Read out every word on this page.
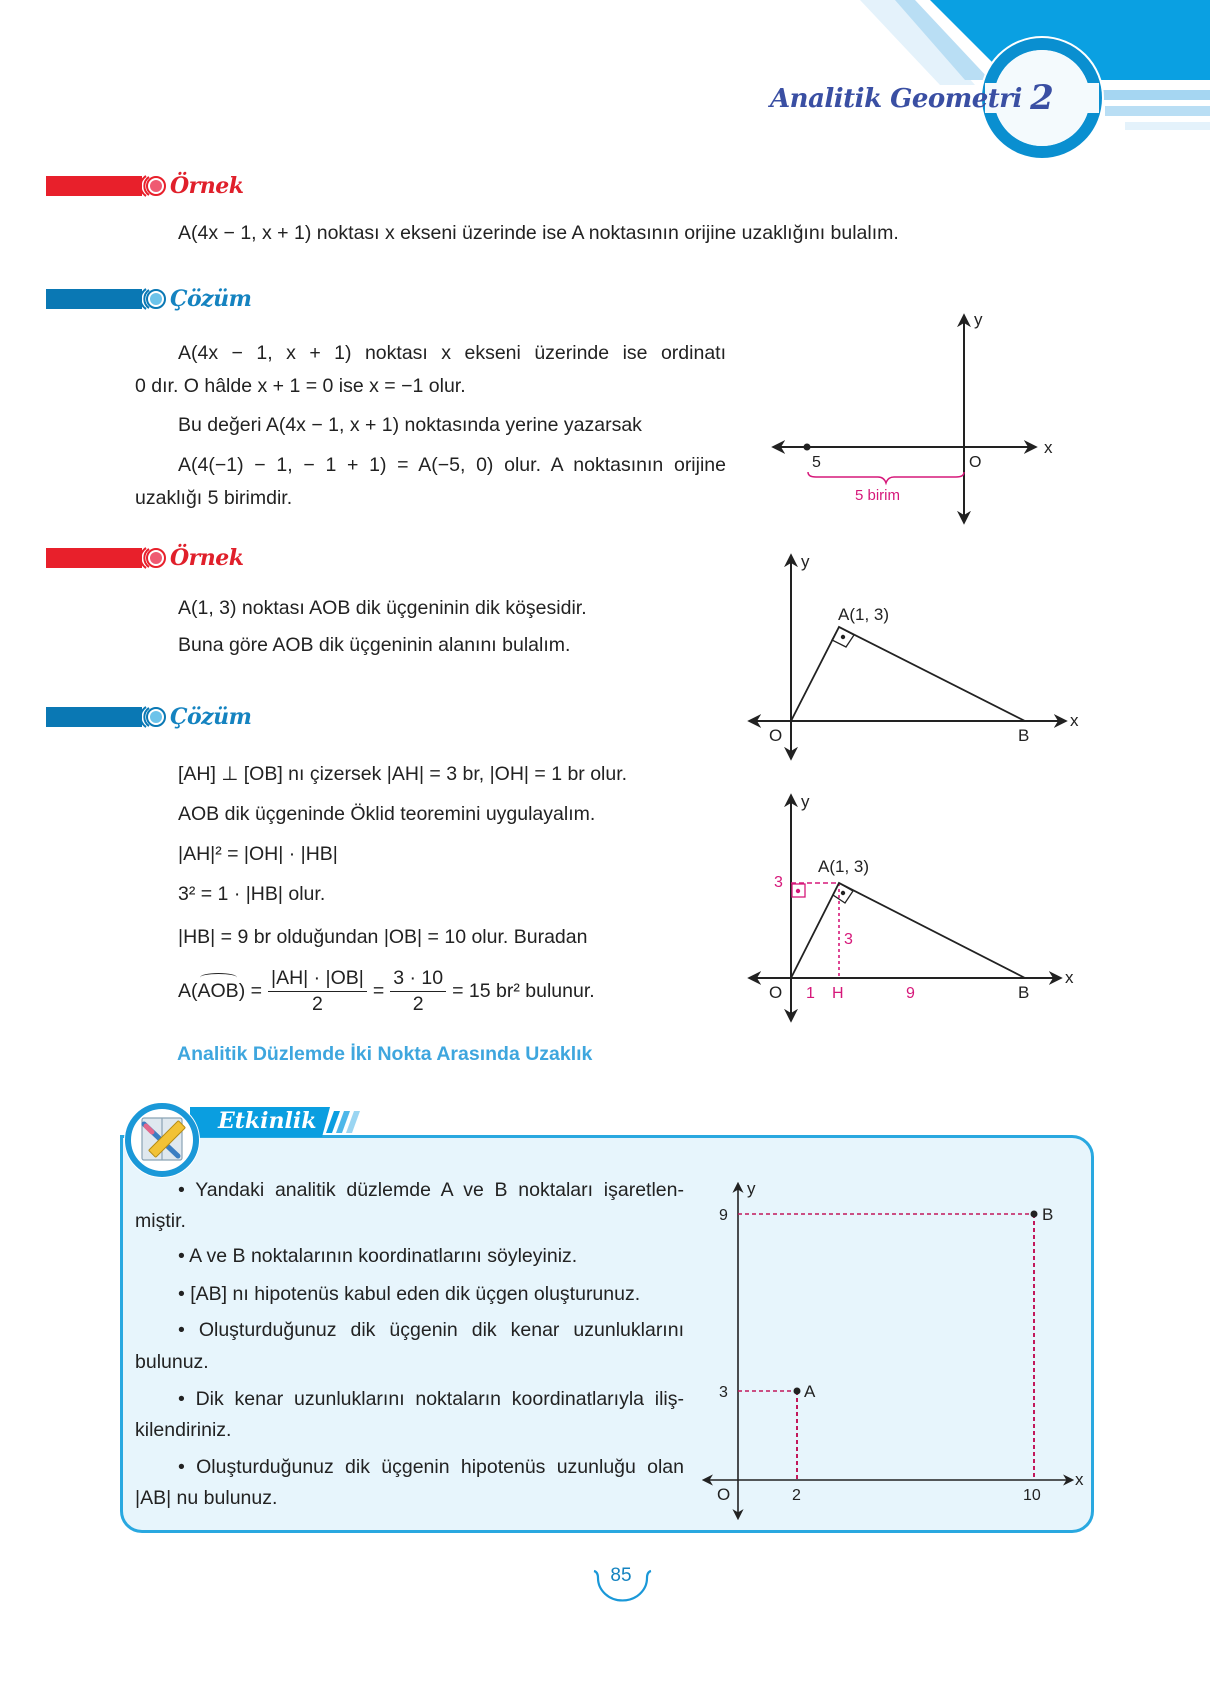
Analitik Geometri 2
Örnek
A(4x − 1, x + 1) noktası x ekseni üzerinde ise A noktasının orijine uzaklığını bulalım.
Çözüm
A(4x − 1, x + 1) noktası x ekseni üzerinde ise ordinatı
0 dır. O hâlde x + 1 = 0 ise x = −1 olur.
Bu değeri A(4x − 1, x + 1) noktasında yerine yazarsak
A(4(−1) − 1, − 1 + 1) = A(−5, 0) olur. A noktasının orijine
uzaklığı 5 birimdir.
x
y
5	O
5 birim
Örnek
A(1, 3) noktası AOB dik üçgeninin dik köşesidir.
Buna göre AOB dik üçgeninin alanını bulalım.
x
y
A(1, 3)
B
O
Çözüm
[AH] ⊥ [OB] nı çizersek |AH| = 3 br, |OH| = 1 br olur.
AOB dik üçgeninde Öklid teoremini uygulayalım.
|AH|² = |OH| · |HB|
3² = 1 · |HB| olur.
|HB| = 9 br olduğundan |OB| = 10 olur. Buradan
A( AOB ) = $\frac{|AH| \cdot |OB|}{2} = \frac{3 \cdot 10}{2} = 15$ br² bulunur.
x
y
A(1, 3)
B
O
3
3
1 H	9
Analitik Düzlemde İki Nokta Arasında Uzaklık
Etkinlik
• Yandaki analitik düzlemde A ve B noktaları işaretlen-
miştir.
• A ve B noktalarının koordinatlarını söyleyiniz.
• [AB] nı hipotenüs kabul eden dik üçgen oluşturunuz.
• Oluşturduğunuz dik üçgenin dik kenar uzunluklarını
bulunuz.
• Dik kenar uzunluklarını noktaların koordinatlarıyla iliş-
kilendiriniz.
• Oluşturduğunuz dik üçgenin hipotenüs uzunluğu olan
|AB| nu bulunuz.
x
y
O
A
B
2	10
3
9
85
